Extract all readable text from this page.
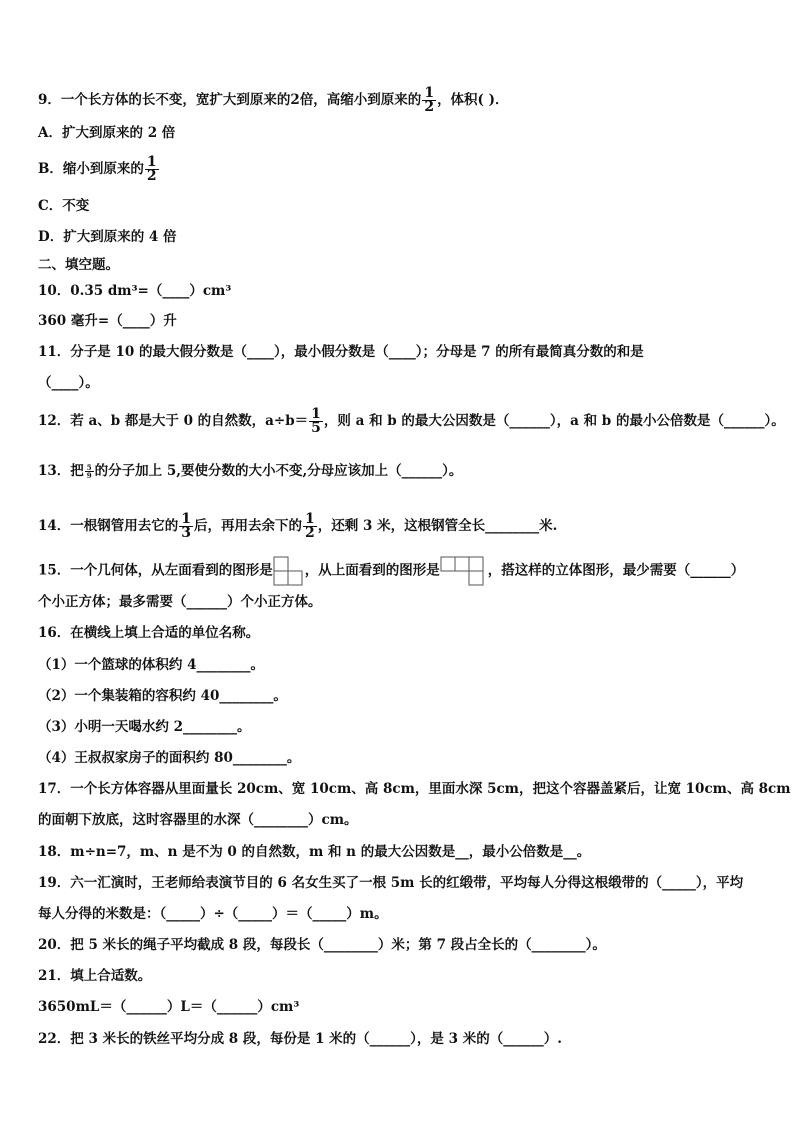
9．一个长方体的长不变，宽扩大到原来的2倍，高缩小到原来的 $\frac{1}{2}$ ，体积( )．
A．扩大到原来的 2 倍
B．缩小到原来的 $\frac{1}{2}$
C．不变
D．扩大到原来的 4 倍
二、填空题。
10．0.35 dm³=（____）cm³
360 毫升=（____）升
11．分子是 10 的最大假分数是（____），最小假分数是（____）；分母是 7 的所有最简真分数的和是
（____）。
12．若 a、b 都是大于 0 的自然数，$a\div b= \frac{1}{5}$ ，则 a 和 b 的最大公因数是（______），a 和 b 的最小公倍数是（______）。
13．把 $\frac{5}{9}$ 的分子加上 5,要使分数的大小不变,分母应该加上（______）。
14．一根钢管用去它的 $\frac{1}{3}$ 后，再用去余下的 $\frac{1}{2}$ ，还剩 3 米，这根钢管全长________米.
15．一个几何体，从左面看到的图形是 ，从上面看到的图形是	，搭这样的立体图形，最少需要（______）
个小正方体；最多需要（______）个小正方体。
16．在横线上填上合适的单位名称。
（1）一个篮球的体积约 4________。
（2）一个集装箱的容积约 40________。
（3）小明一天喝水约 2________。
（4）王叔叔家房子的面积约 80________。
17．一个长方体容器从里面量长 20cm、宽 10cm、高 8cm，里面水深 5cm，把这个容器盖紧后，让宽 10cm、高 8cm
的面朝下放底，这时容器里的水深（________）cm。
18．m÷n=7，m、n 是不为 0 的自然数，m 和 n 的最大公因数是__，最小公倍数是__。
19．六一汇演时，王老师给表演节目的 6 名女生买了一根 5m 长的红缎带，平均每人分得这根缎带的（_____），平均
每人分得的米数是：（_____）÷（_____）＝（_____）m。
20．把 5 米长的绳子平均截成 8 段，每段长（________）米；第 7 段占全长的（________）。
21．填上合适数。
3650mL＝（______）L＝（______）cm³
22．把 3 米长的铁丝平均分成 8 段，每份是 1 米的（______），是 3 米的（______）.
